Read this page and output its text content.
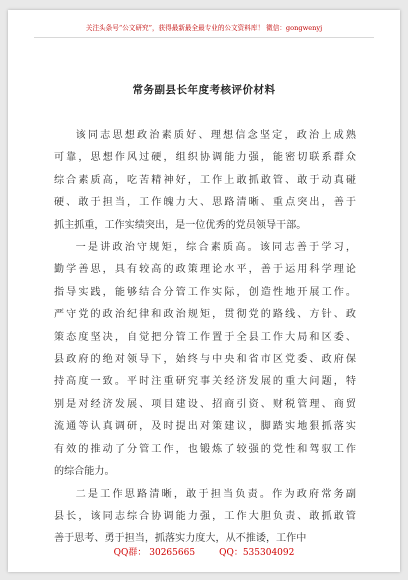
关注头条号“公文研究”，获得最新最全最专业的公文资料库！ 微信：gongwenyj
常务副县长年度考核评价材料
该同志思想政治素质好、理想信念坚定，政治上成熟
可靠，思想作风过硬，组织协调能力强，能密切联系群众
综合素质高，吃苦精神好，工作上敢抓敢管、敢于动真碰
硬、敢于担当，工作魄力大、思路清晰、重点突出，善于
抓主抓重，工作实绩突出，是一位优秀的党员领导干部。
一是讲政治守规矩，综合素质高。该同志善于学习，
勤学善思，具有较高的政策理论水平，善于运用科学理论
指导实践，能够结合分管工作实际，创造性地开展工作。
严守党的政治纪律和政治规矩，贯彻党的路线、方针、政
策态度坚决，自觉把分管工作置于全县工作大局和区委、
县政府的绝对领导下，始终与中央和省市区党委、政府保
持高度一致。平时注重研究事关经济发展的重大问题，特
别是对经济发展、项目建设、招商引资、财税管理、商贸
流通等认真调研，及时提出对策建议，脚踏实地狠抓落实
有效的推动了分管工作，也锻炼了较强的党性和驾驭工作
的综合能力。
二是工作思路清晰，敢于担当负责。作为政府常务副
县长，该同志综合协调能力强，工作大胆负责、敢抓敢管
善于思考、勇于担当，抓落实力度大，从不推诿，工作中
QQ群： 30265665	QQ：535304092
